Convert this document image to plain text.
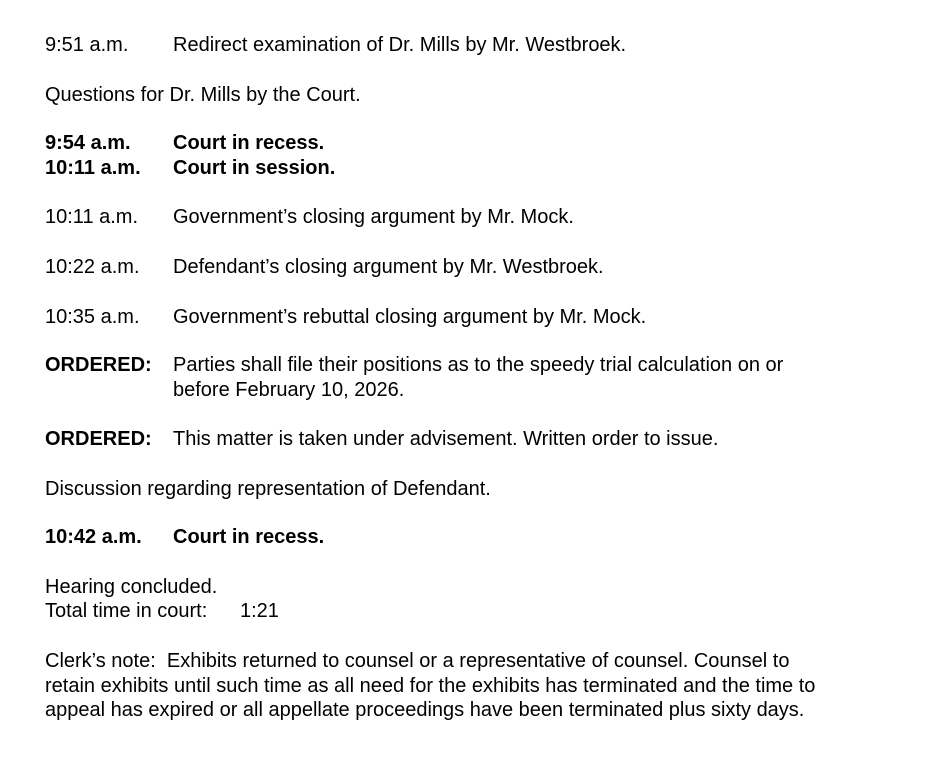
9:51 a.m. Redirect examination of Dr. Mills by Mr. Westbroek.
Questions for Dr. Mills by the Court.
9:54 a.m. Court in recess.
10:11 a.m. Court in session.
10:11 a.m. Government’s closing argument by Mr. Mock.
10:22 a.m. Defendant’s closing argument by Mr. Westbroek.
10:35 a.m. Government’s rebuttal closing argument by Mr. Mock.
ORDERED: Parties shall file their positions as to the speedy trial calculation on or
before February 10, 2026.
ORDERED: This matter is taken under advisement. Written order to issue.
Discussion regarding representation of Defendant.
10:42 a.m. Court in recess.
Hearing concluded.
Total time in court: 1:21
Clerk’s note:  Exhibits returned to counsel or a representative of counsel. Counsel to
retain exhibits until such time as all need for the exhibits has terminated and the time to
appeal has expired or all appellate proceedings have been terminated plus sixty days.
